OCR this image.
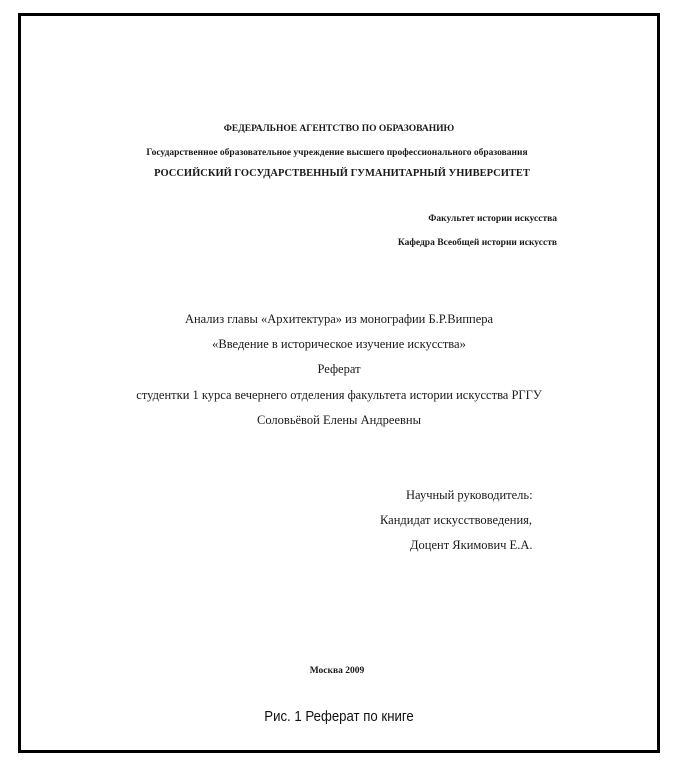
ФЕДЕРАЛЬНОЕ АГЕНТСТВО ПО ОБРАЗОВАНИЮ
Государственное образовательное учреждение высшего профессионального образования
РОССИЙСКИЙ ГОСУДАРСТВЕННЫЙ ГУМАНИТАРНЫЙ УНИВЕРСИТЕТ
Факультет истории искусства
Кафедра Всеобщей истории искусств
Анализ главы «Архитектура» из монографии Б.Р.Виппера
«Введение в историческое изучение искусства»
Реферат
студентки 1 курса вечернего отделения факультета истории искусства РГГУ
Соловьёвой Елены Андреевны
Научный руководитель:
Кандидат искусствоведения,
Доцент Якимович Е.А.
Москва 2009
Рис. 1 Реферат по книге
